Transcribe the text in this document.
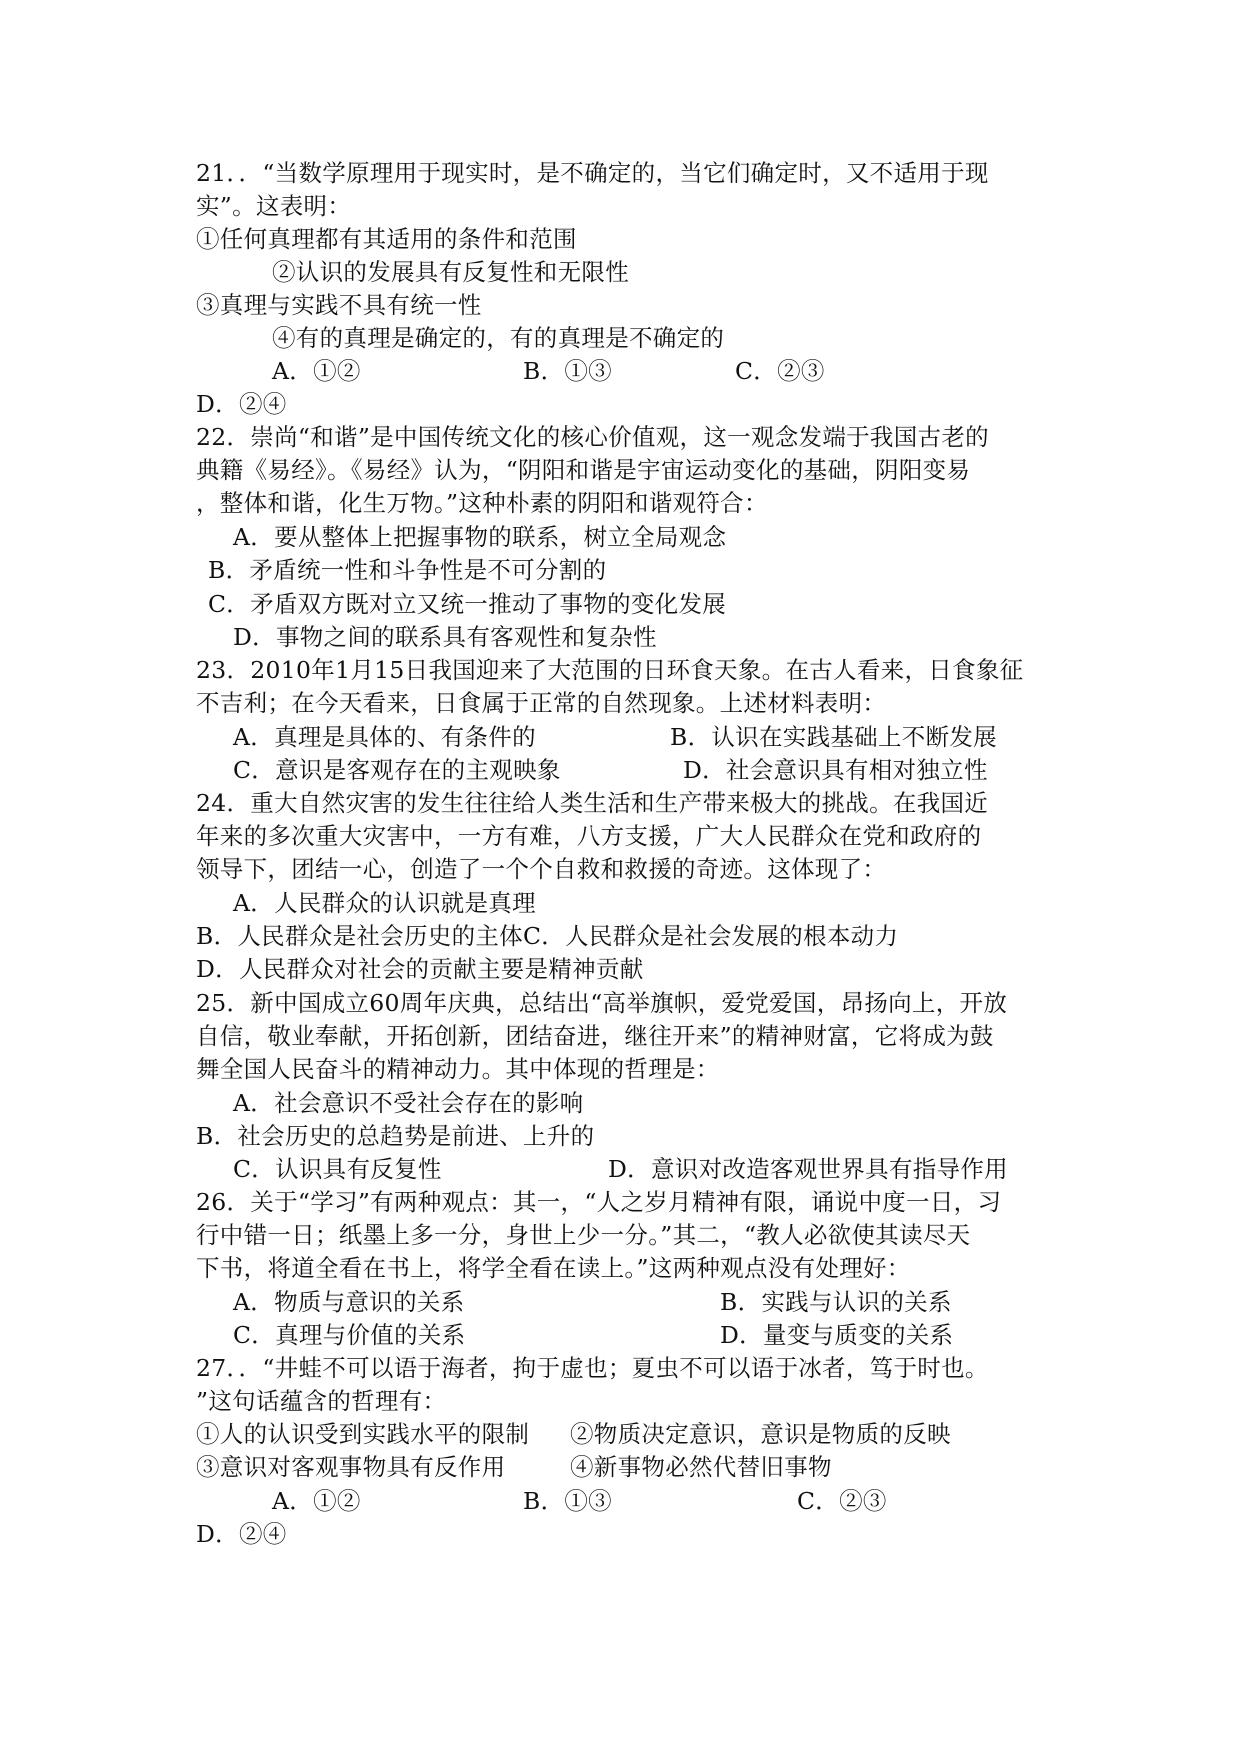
21．．“当数学原理用于现实时，是不确定的，当它们确定时，又不适用于现
实”。这表明：
①任何真理都有其适用的条件和范围
②认识的发展具有反复性和无限性
③真理与实践不具有统一性
④有的真理是确定的，有的真理是不确定的
A．①②	B．①③	C．②③
D．②④
22．崇尚“和谐”是中国传统文化的核心价值观，这一观念发端于我国古老的
典籍《易经》。《易经》认为，“阴阳和谐是宇宙运动变化的基础，阴阳变易
，整体和谐，化生万物。”这种朴素的阴阳和谐观符合：
A．要从整体上把握事物的联系，树立全局观念
B．矛盾统一性和斗争性是不可分割的
C．矛盾双方既对立又统一推动了事物的变化发展
D．事物之间的联系具有客观性和复杂性
23．2010年1月15日我国迎来了大范围的日环食天象。在古人看来，日食象征
不吉利；在今天看来，日食属于正常的自然现象。上述材料表明：
A．真理是具体的、有条件的	B．认识在实践基础上不断发展
C．意识是客观存在的主观映象	D．社会意识具有相对独立性
24．重大自然灾害的发生往往给人类生活和生产带来极大的挑战。在我国近
年来的多次重大灾害中，一方有难，八方支援，广大人民群众在党和政府的
领导下，团结一心，创造了一个个自救和救援的奇迹。这体现了：
A．人民群众的认识就是真理
B．人民群众是社会历史的主体C．人民群众是社会发展的根本动力
D．人民群众对社会的贡献主要是精神贡献
25．新中国成立60周年庆典，总结出“高举旗帜，爱党爱国，昂扬向上，开放
自信，敬业奉献，开拓创新，团结奋进，继往开来”的精神财富，它将成为鼓
舞全国人民奋斗的精神动力。其中体现的哲理是：
A．社会意识不受社会存在的影响
B．社会历史的总趋势是前进、上升的
C．认识具有反复性	D．意识对改造客观世界具有指导作用
26．关于“学习”有两种观点：其一，“人之岁月精神有限，诵说中度一日，习
行中错一日；纸墨上多一分，身世上少一分。”其二，“教人必欲使其读尽天
下书，将道全看在书上，将学全看在读上。”这两种观点没有处理好：
A．物质与意识的关系	B．实践与认识的关系
C．真理与价值的关系	D．量变与质变的关系
27．．“井蛙不可以语于海者，拘于虚也；夏虫不可以语于冰者，笃于时也。
”这句话蕴含的哲理有：
①人的认识受到实践水平的限制 ②物质决定意识，意识是物质的反映
③意识对客观事物具有反作用	④新事物必然代替旧事物
A．①②	B．①③	C．②③
D．②④
